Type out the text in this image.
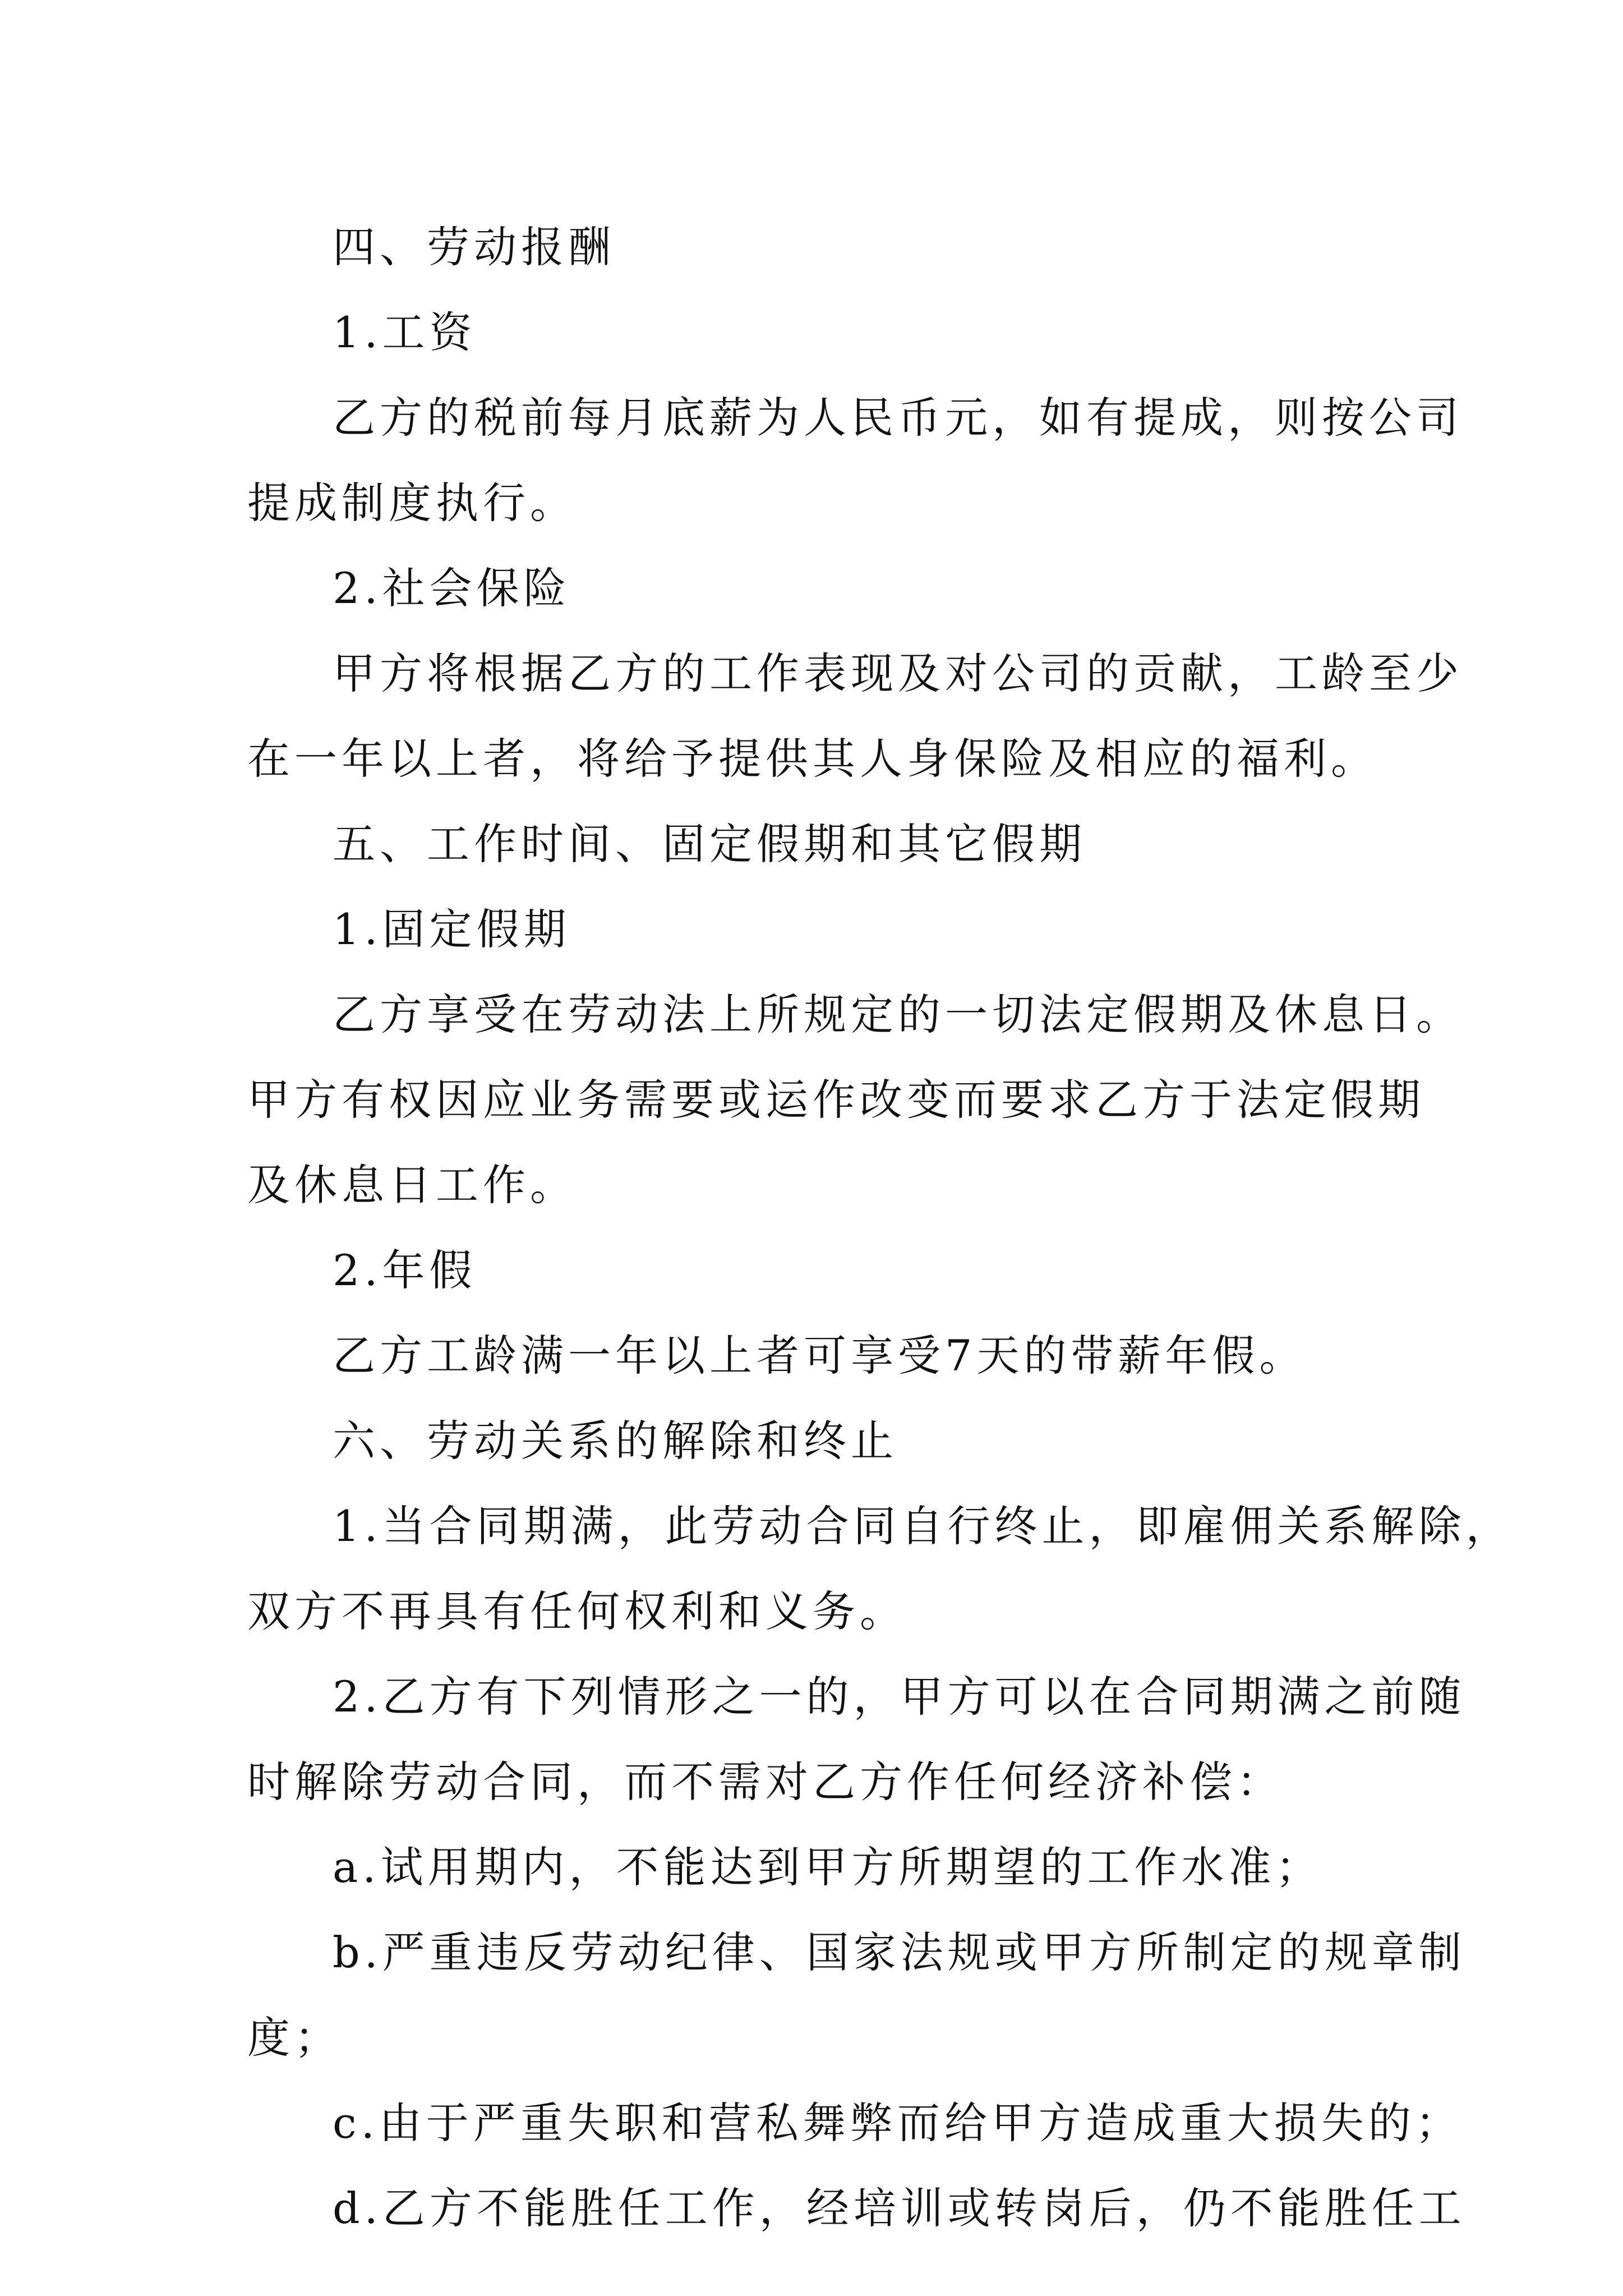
四、劳动报酬

1.工资

乙方的税前每月底薪为人民币元，如有提成，则按公司

提成制度执行。

2.社会保险

甲方将根据乙方的工作表现及对公司的贡献，工龄至少

在一年以上者，将给予提供其人身保险及相应的福利。

五、工作时间、固定假期和其它假期

1.固定假期

乙方享受在劳动法上所规定的一切法定假期及休息日。

甲方有权因应业务需要或运作改变而要求乙方于法定假期

及休息日工作。

2.年假

乙方工龄满一年以上者可享受7天的带薪年假。

六、劳动关系的解除和终止

1.当合同期满，此劳动合同自行终止，即雇佣关系解除，

双方不再具有任何权利和义务。

2.乙方有下列情形之一的，甲方可以在合同期满之前随

时解除劳动合同，而不需对乙方作任何经济补偿：

a.试用期内，不能达到甲方所期望的工作水准；

b.严重违反劳动纪律、国家法规或甲方所制定的规章制

度；

c.由于严重失职和营私舞弊而给甲方造成重大损失的；

d.乙方不能胜任工作，经培训或转岗后，仍不能胜任工
